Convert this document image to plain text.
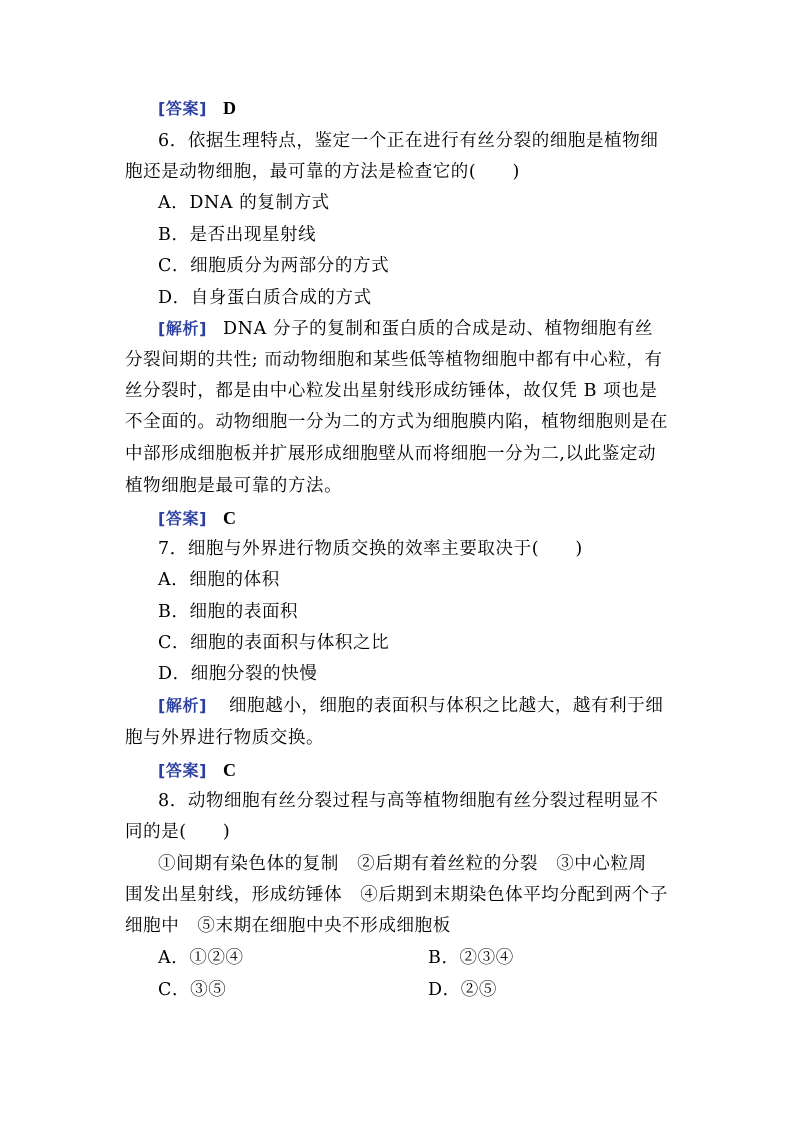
[答案] D
6．依据生理特点，鉴定一个正在进行有丝分裂的细胞是植物细
胞还是动物细胞，最可靠的方法是检查它的(　　)
A．DNA 的复制方式
B．是否出现星射线
C．细胞质分为两部分的方式
D．自身蛋白质合成的方式
[解析] DNA 分子的复制和蛋白质的合成是动、植物细胞有丝
分裂间期的共性; 而动物细胞和某些低等植物细胞中都有中心粒，有
丝分裂时，都是由中心粒发出星射线形成纺锤体，故仅凭 B 项也是
不全面的。动物细胞一分为二的方式为细胞膜内陷，植物细胞则是在
中部形成细胞板并扩展形成细胞壁从而将细胞一分为二,以此鉴定动
植物细胞是最可靠的方法。
[答案] C
7．细胞与外界进行物质交换的效率主要取决于(　　)
A．细胞的体积
B．细胞的表面积
C．细胞的表面积与体积之比
D．细胞分裂的快慢
[解析] 细胞越小，细胞的表面积与体积之比越大，越有利于细
胞与外界进行物质交换。
[答案] C
8．动物细胞有丝分裂过程与高等植物细胞有丝分裂过程明显不
同的是(　　)
①间期有染色体的复制　②后期有着丝粒的分裂　③中心粒周
围发出星射线，形成纺锤体　④后期到末期染色体平均分配到两个子
细胞中　⑤末期在细胞中央不形成细胞板
A．①②④	B．②③④
C．③⑤	D．②⑤
